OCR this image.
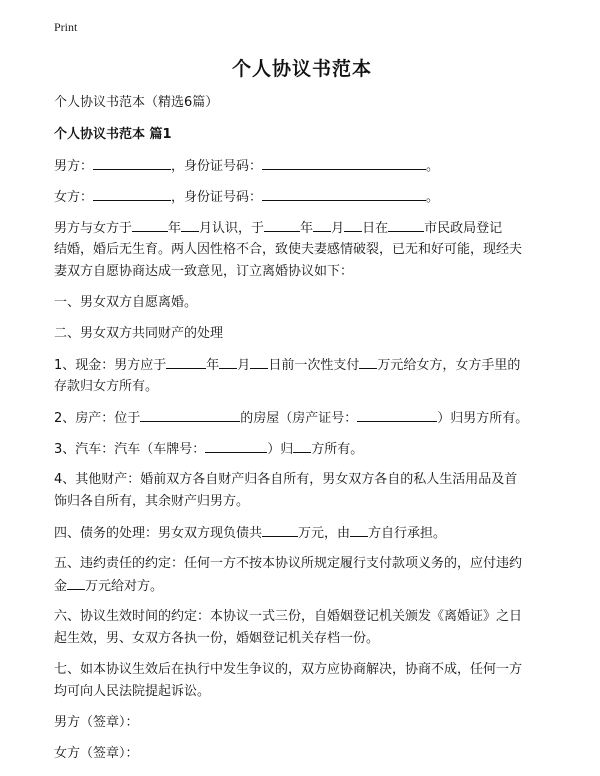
Print
个人协议书范本
个人协议书范本（精选6篇）
个人协议书范本 篇1
男方：	，身份证号码：	。
女方：	，身份证号码：	。
男方与女方于	年 月认识，于	年 月 日在	市民政局登记
结婚，婚后无生育。两人因性格不合，致使夫妻感情破裂，已无和好可能，现经夫
妻双方自愿协商达成一致意见，订立离婚协议如下：
一、男女双方自愿离婚。
二、男女双方共同财产的处理
1、现金：男方应于	年 月 日前一次性支付 万元给女方，女方手里的
存款归女方所有。
2、房产：位于	的房屋（房产证号：	）归男方所有。
3、汽车：汽车（车牌号：	）归 方所有。
4、其他财产：婚前双方各自财产归各自所有，男女双方各自的私人生活用品及首
饰归各自所有，其余财产归男方。
四、债务的处理：男女双方现负债共	万元，由 方自行承担。
五、违约责任的约定：任何一方不按本协议所规定履行支付款项义务的，应付违约
金 万元给对方。
六、协议生效时间的约定：本协议一式三份，自婚姻登记机关颁发《离婚证》之日
起生效，男、女双方各执一份，婚姻登记机关存档一份。
七、如本协议生效后在执行中发生争议的，双方应协商解决，协商不成，任何一方
均可向人民法院提起诉讼。
男方（签章）：
女方（签章）：
